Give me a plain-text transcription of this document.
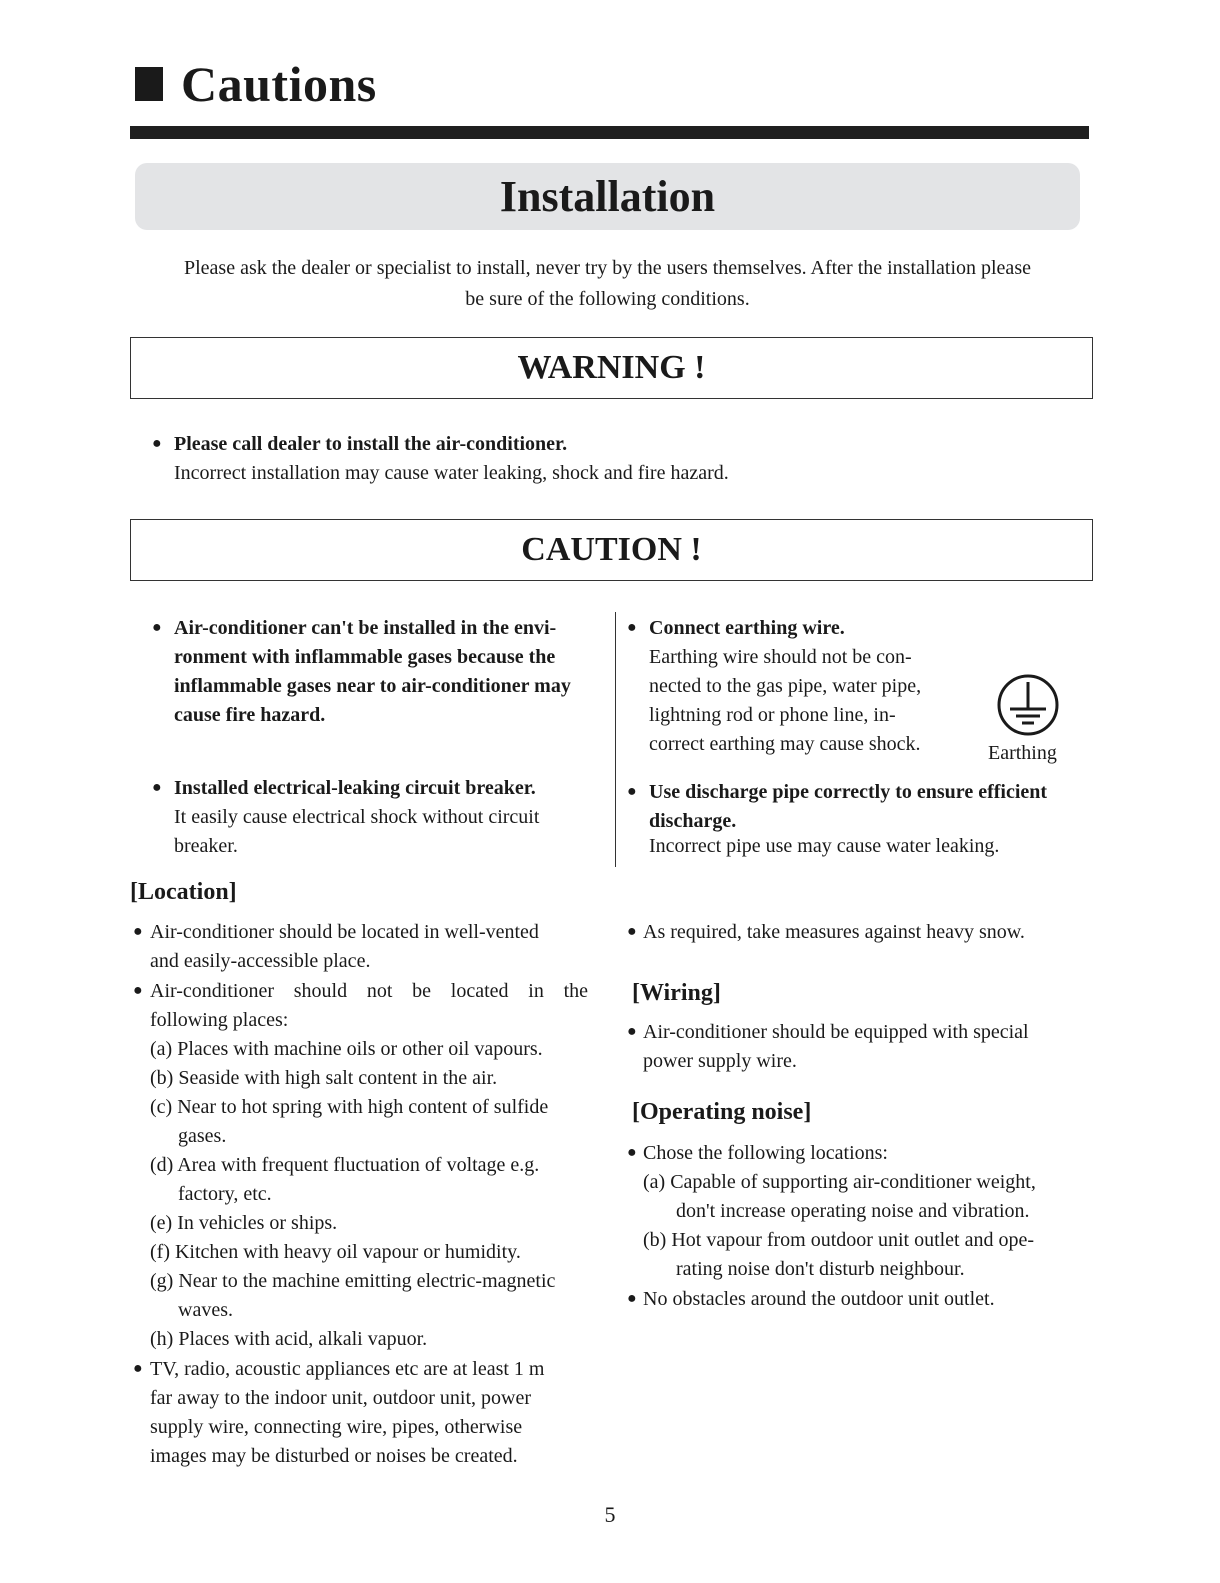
Cautions
Installation
Please ask the dealer or specialist to install, never try by the users themselves. After the installation please
be sure of the following conditions.
WARNING !
● Please call dealer to install the air-conditioner.
Incorrect installation may cause water leaking, shock and fire hazard.
CAUTION !
● Air-conditioner can't be installed in the envi-
ronment with inflammable gases because the
inflammable gases near to air-conditioner may
cause fire hazard.
● Installed electrical-leaking circuit breaker.
It easily cause electrical shock without circuit
breaker.
● Connect earthing wire.
Earthing wire should not be con-
nected to the gas pipe, water pipe,
lightning rod or phone line, in-
correct earthing may cause shock.	Earthing
● Use discharge pipe correctly to ensure efficient
discharge.
Incorrect pipe use may cause water leaking.
[Location]
● Air-conditioner should be located in well-vented
and easily-accessible place.
● Air-conditioner should not be located in the
following places:
(a) Places with machine oils or other oil vapours.
(b) Seaside with high salt content in the air.
(c) Near to hot spring with high content of sulfide
gases.
(d) Area with frequent fluctuation of voltage e.g.
factory, etc.
(e) In vehicles or ships.
(f) Kitchen with heavy oil vapour or humidity.
(g) Near to the machine emitting electric-magnetic
waves.
(h) Places with acid, alkali vapuor.
● TV, radio, acoustic appliances etc are at least 1 m
far away to the indoor unit, outdoor unit, power
supply wire, connecting wire, pipes, otherwise
images may be disturbed or noises be created.
● As required, take measures against heavy snow.
[Wiring]
● Air-conditioner should be equipped with special
power supply wire.
[Operating noise]
● Chose the following locations:
(a) Capable of supporting air-conditioner weight,
don't increase operating noise and vibration.
(b) Hot vapour from outdoor unit outlet and ope-
rating noise don't disturb neighbour.
● No obstacles around the outdoor unit outlet.
5
